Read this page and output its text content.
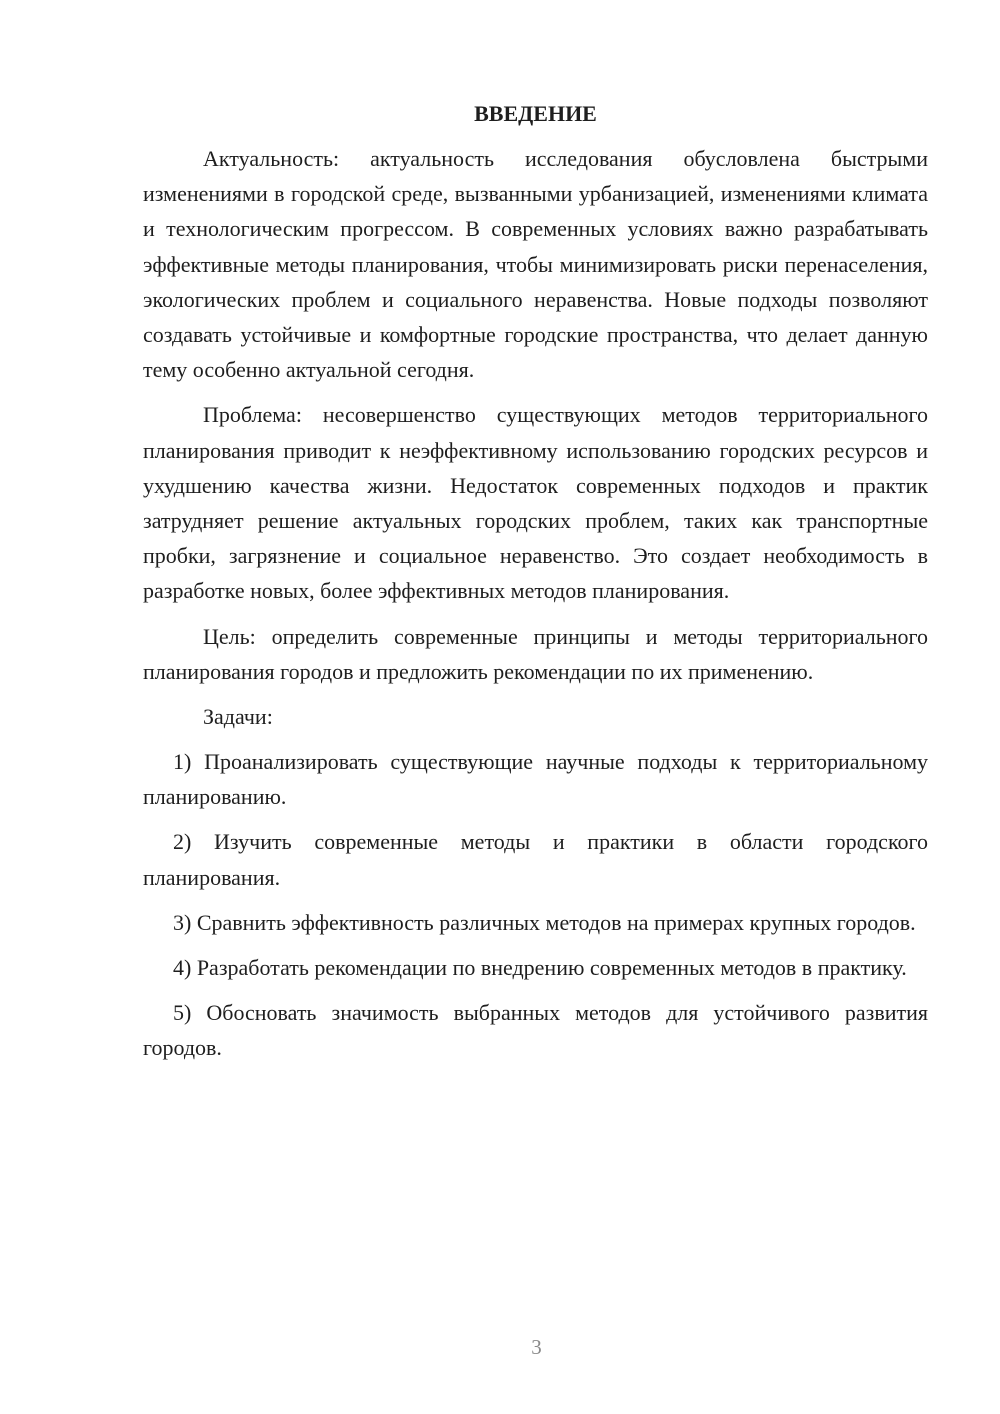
ВВЕДЕНИЕ

Актуальность: актуальность исследования обусловлена быстрыми изменениями в городской среде, вызванными урбанизацией, изменениями климата и технологическим прогрессом. В современных условиях важно разрабатывать эффективные методы планирования, чтобы минимизировать риски перенаселения, экологических проблем и социального неравенства. Новые подходы позволяют создавать устойчивые и комфортные городские пространства, что делает данную тему особенно актуальной сегодня.

Проблема: несовершенство существующих методов территориального планирования приводит к неэффективному использованию городских ресурсов и ухудшению качества жизни. Недостаток современных подходов и практик затрудняет решение актуальных городских проблем, таких как транспортные пробки, загрязнение и социальное неравенство. Это создает необходимость в разработке новых, более эффективных методов планирования.

Цель: определить современные принципы и методы территориального планирования городов и предложить рекомендации по их применению.

Задачи:

1) Проанализировать существующие научные подходы к территориальному планированию.

2) Изучить современные методы и практики в области городского планирования.

3) Сравнить эффективность различных методов на примерах крупных городов.

4) Разработать рекомендации по внедрению современных методов в практику.

5) Обосновать значимость выбранных методов для устойчивого развития городов.

3
